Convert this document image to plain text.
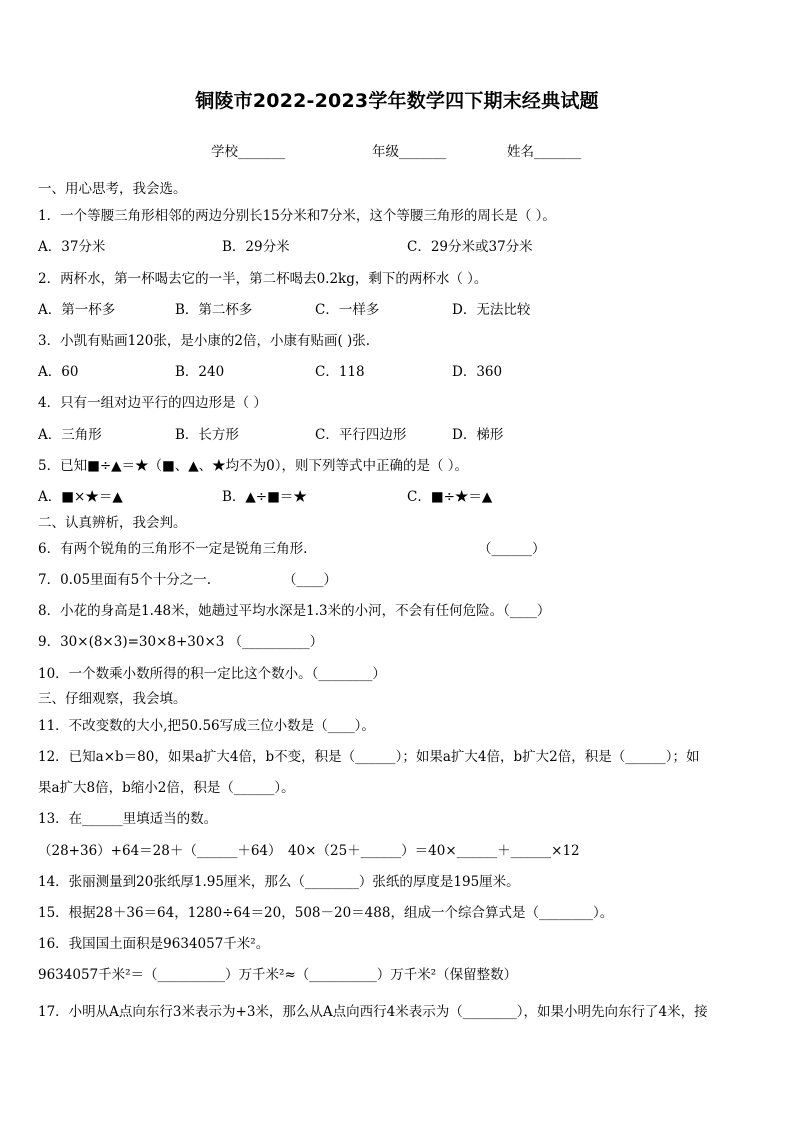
铜陵市2022-2023学年数学四下期末经典试题
学校_______	年级_______	姓名_______
一、用心思考，我会选。
1．一个等腰三角形相邻的两边分别长15分米和7分米，这个等腰三角形的周长是（ ）。
A．37分米	B．29分米	C．29分米或37分米
2．两杯水，第一杯喝去它的一半，第二杯喝去0.2kg，剩下的两杯水（ ）。
A．第一杯多	B．第二杯多	C．一样多	D．无法比较
3．小凯有贴画120张，是小康的2倍，小康有贴画( )张.
A．60	B．240	C．118	D．360
4．只有一组对边平行的四边形是（ ）
A．三角形	B．长方形	C．平行四边形	D．梯形
5．已知■÷▲＝★（■、▲、★均不为0），则下列等式中正确的是（ ）。
A．■×★＝▲	B．▲÷■＝★	C．■÷★＝▲
二、认真辨析，我会判。
6．有两个锐角的三角形不一定是锐角三角形.	（______）
7．0.05里面有5个十分之一.	（____）
8．小花的身高是1.48米，她趟过平均水深是1.3米的小河，不会有任何危险。（____）
9．30×(8×3)=30×8+30×3 （__________）
10．一个数乘小数所得的积一定比这个数小。（________）
三、仔细观察，我会填。
11．不改变数的大小,把50.56写成三位小数是（____）。
12．已知a×b＝80，如果a扩大4倍，b不变，积是（______）；如果a扩大4倍，b扩大2倍，积是（______）；如
果a扩大8倍，b缩小2倍，积是（______）。
13．在______里填适当的数。
（28+36）+64＝28＋（______＋64） 40×（25＋______）＝40×______＋______×12
14．张丽测量到20张纸厚1.95厘米，那么（________）张纸的厚度是195厘米。
15．根据28＋36＝64，1280÷64＝20，508－20＝488，组成一个综合算式是（________）。
16．我国国土面积是9634057千米²。
9634057千米²＝（__________）万千米²≈（__________）万千米²（保留整数）
17．小明从A点向东行3米表示为+3米，那么从A点向西行4米表示为（________），如果小明先向东行了4米，接
